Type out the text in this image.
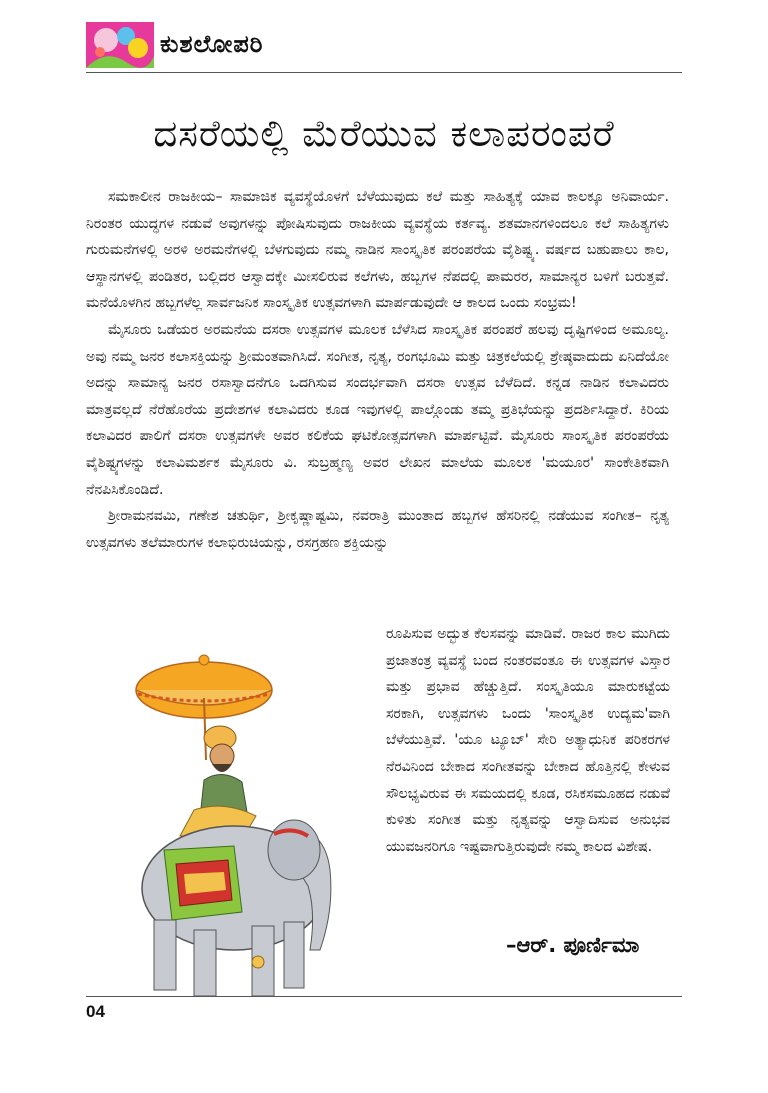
ಕುಶಲೋಪರಿ
ದಸರೆಯಲ್ಲಿ ಮೆರೆಯುವ ಕಲಾಪರಂಪರೆ

ಸಮಕಾಲೀನ ರಾಜಕೀಯ– ಸಾಮಾಜಿಕ ವ್ಯವಸ್ಥೆಯೊಳಗೆ ಬೆಳೆಯುವುದು ಕಲೆ ಮತ್ತು ಸಾಹಿತ್ಯಕ್ಕೆ ಯಾವ ಕಾಲಕ್ಕೂ ಅನಿವಾರ್ಯ. ನಿರಂತರ ಯುದ್ಧಗಳ ನಡುವೆ ಅವುಗಳನ್ನು ಪೋಷಿಸುವುದು ರಾಜಕೀಯ ವ್ಯವಸ್ಥೆಯ ಕರ್ತವ್ಯ. ಶತಮಾನಗಳಿಂದಲೂ ಕಲೆ ಸಾಹಿತ್ಯಗಳು ಗುರುಮನೆಗಳಲ್ಲಿ ಅರಳಿ ಅರಮನೆಗಳಲ್ಲಿ ಬೆಳಗುವುದು ನಮ್ಮ ನಾಡಿನ ಸಾಂಸ್ಕೃತಿಕ ಪರಂಪರೆಯ ವೈಶಿಷ್ಟ್ಯ. ವರ್ಷದ ಬಹುಪಾಲು ಕಾಲ, ಆಸ್ಥಾನಗಳಲ್ಲಿ ಪಂಡಿತರ, ಬಲ್ಲಿದರ ಆಸ್ವಾದಕ್ಕೇ ಮೀಸಲಿರುವ ಕಲೆಗಳು, ಹಬ್ಬಗಳ ನೆಪದಲ್ಲಿ ಪಾಮರರ, ಸಾಮಾನ್ಯರ ಬಳಿಗೆ ಬರುತ್ತವೆ. ಮನೆಯೊಳಗಿನ ಹಬ್ಬಗಳೆಲ್ಲ ಸಾರ್ವಜನಿಕ ಸಾಂಸ್ಕೃತಿಕ ಉತ್ಸವಗಳಾಗಿ ಮಾರ್ಪಡುವುದೇ ಆ ಕಾಲದ ಒಂದು ಸಂಭ್ರಮ!

ಮೈಸೂರು ಒಡೆಯರ ಅರಮನೆಯ ದಸರಾ ಉತ್ಸವಗಳ ಮೂಲಕ ಬೆಳೆಸಿದ ಸಾಂಸ್ಕೃತಿಕ ಪರಂಪರೆ ಹಲವು ದೃಷ್ಟಿಗಳಿಂದ ಅಮೂಲ್ಯ. ಅವು ನಮ್ಮ ಜನರ ಕಲಾಸಕ್ತಿಯನ್ನು ಶ್ರೀಮಂತವಾಗಿಸಿದೆ. ಸಂಗೀತ, ನೃತ್ಯ, ರಂಗಭೂಮಿ ಮತ್ತು ಚಿತ್ರಕಲೆಯಲ್ಲಿ ಶ್ರೇಷ್ಠವಾದುದು ಏನಿದೆಯೋ ಅದನ್ನು ಸಾಮಾನ್ಯ ಜನರ ರಸಾಸ್ವಾದನೆಗೂ ಒದಗಿಸುವ ಸಂದರ್ಭವಾಗಿ ದಸರಾ ಉತ್ಸವ ಬೆಳೆದಿದೆ. ಕನ್ನಡ ನಾಡಿನ ಕಲಾವಿದರು ಮಾತ್ರವಲ್ಲದೆ ನೆರೆಹೊರೆಯ ಪ್ರದೇಶಗಳ ಕಲಾವಿದರು ಕೂಡ ಇವುಗಳಲ್ಲಿ ಪಾಲ್ಗೊಂಡು ತಮ್ಮ ಪ್ರತಿಭೆಯನ್ನು ಪ್ರದರ್ಶಿಸಿದ್ದಾರೆ. ಕಿರಿಯ ಕಲಾವಿದರ ಪಾಲಿಗೆ ದಸರಾ ಉತ್ಸವಗಳೇ ಅವರ ಕಲಿಕೆಯ ಘಟಿಕೋತ್ಸವಗಳಾಗಿ ಮಾರ್ಪಟ್ಟಿವೆ. ಮೈಸೂರು ಸಾಂಸ್ಕೃತಿಕ ಪರಂಪರೆಯ ವೈಶಿಷ್ಟ್ಯಗಳನ್ನು ಕಲಾವಿಮರ್ಶಕ ಮೈಸೂರು ವಿ. ಸುಬ್ರಹ್ಮಣ್ಯ ಅವರ ಲೇಖನ ಮಾಲೆಯ ಮೂಲಕ 'ಮಯೂರ' ಸಾಂಕೇತಿಕವಾಗಿ ನೆನಪಿಸಿಕೊಂಡಿದೆ.

ಶ್ರೀರಾಮನವಮಿ, ಗಣೇಶ ಚತುರ್ಥಿ, ಶ್ರೀಕೃಷ್ಣಾಷ್ಟಮಿ, ನವರಾತ್ರಿ ಮುಂತಾದ ಹಬ್ಬಗಳ ಹೆಸರಿನಲ್ಲಿ ನಡೆಯುವ ಸಂಗೀತ– ನೃತ್ಯ ಉತ್ಸವಗಳು ತಲೆಮಾರುಗಳ ಕಲಾಭಿರುಚಿಯನ್ನು, ರಸಗ್ರಹಣ ಶಕ್ತಿಯನ್ನು

ರೂಪಿಸುವ ಅದ್ಭುತ ಕೆಲಸವನ್ನು ಮಾಡಿವೆ. ರಾಜರ ಕಾಲ ಮುಗಿದು ಪ್ರಜಾತಂತ್ರ ವ್ಯವಸ್ಥೆ ಬಂದ ನಂತರವಂತೂ ಈ ಉತ್ಸವಗಳ ವಿಸ್ತಾರ ಮತ್ತು ಪ್ರಭಾವ ಹೆಚ್ಚುತ್ತಿದೆ. ಸಂಸ್ಕೃತಿಯೂ ಮಾರುಕಟ್ಟೆಯ ಸರಕಾಗಿ, ಉತ್ಸವಗಳು ಒಂದು 'ಸಾಂಸ್ಕೃತಿಕ ಉದ್ಯಮ'ವಾಗಿ ಬೆಳೆಯುತ್ತಿವೆ. 'ಯೂ ಟ್ಯೂಬ್' ಸೇರಿ ಅತ್ಯಾಧುನಿಕ ಪರಿಕರಗಳ ನೆರವಿನಿಂದ ಬೇಕಾದ ಸಂಗೀತವನ್ನು ಬೇಕಾದ ಹೊತ್ತಿನಲ್ಲಿ ಕೇಳುವ ಸೌಲಭ್ಯವಿರುವ ಈ ಸಮಯದಲ್ಲಿ ಕೂಡ, ರಸಿಕಸಮೂಹದ ನಡುವೆ ಕುಳಿತು ಸಂಗೀತ ಮತ್ತು ನೃತ್ಯವನ್ನು ಆಸ್ವಾದಿಸುವ ಅನುಭವ ಯುವಜನರಿಗೂ ಇಷ್ಟವಾಗುತ್ತಿರುವುದೇ ನಮ್ಮ ಕಾಲದ ವಿಶೇಷ.

–ಆರ್. ಪೂರ್ಣಿಮಾ
04
